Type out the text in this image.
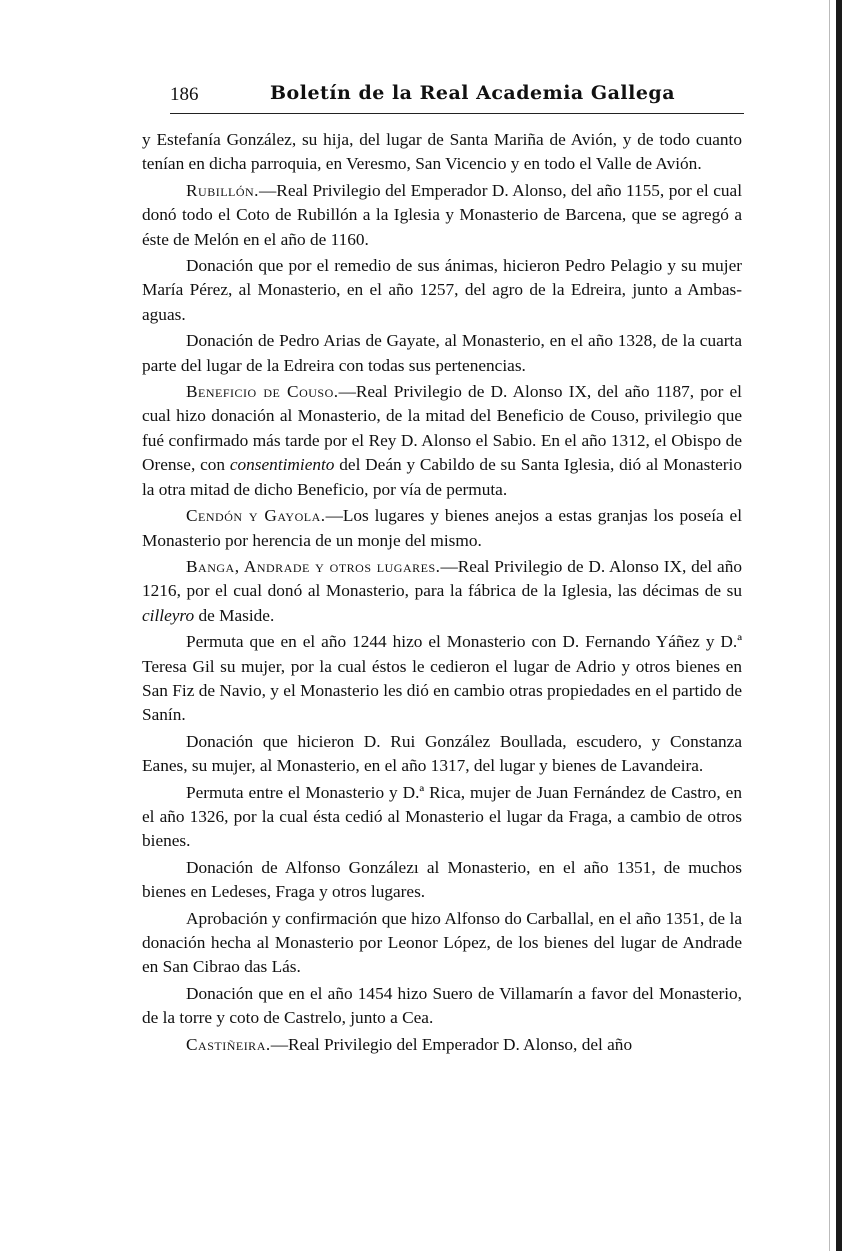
186	Boletín de la Real Academia Gallega

y Estefanía González, su hija, del lugar de Santa Mariña de Avión, y de todo cuanto tenían en dicha parroquia, en Veresmo, San Vicencio y en todo el Valle de Avión.

Rubillón.—Real Privilegio del Emperador D. Alonso, del año 1155, por el cual donó todo el Coto de Rubillón a la Iglesia y Monasterio de Barcena, que se agregó a éste de Melón en el año de 1160.

Donación que por el remedio de sus ánimas, hicieron Pedro Pelagio y su mujer María Pérez, al Monasterio, en el año 1257, del agro de la Edreira, junto a Ambas-aguas.

Donación de Pedro Arias de Gayate, al Monasterio, en el año 1328, de la cuarta parte del lugar de la Edreira con todas sus pertenencias.

Beneficio de Couso.—Real Privilegio de D. Alonso IX, del año 1187, por el cual hizo donación al Monasterio, de la mitad del Beneficio de Couso, privilegio que fué confirmado más tarde por el Rey D. Alonso el Sabio. En el año 1312, el Obispo de Orense, con consentimiento del Deán y Cabildo de su Santa Iglesia, dió al Monasterio la otra mitad de dicho Beneficio, por vía de permuta.

Cendón y Gayola.—Los lugares y bienes anejos a estas granjas los poseía el Monasterio por herencia de un monje del mismo.

Banga, Andrade y otros lugares.—Real Privilegio de D. Alonso IX, del año 1216, por el cual donó al Monasterio, para la fábrica de la Iglesia, las décimas de su cilleyro de Maside.

Permuta que en el año 1244 hizo el Monasterio con D. Fernando Yáñez y D.ª Teresa Gil su mujer, por la cual éstos le cedieron el lugar de Adrio y otros bienes en San Fiz de Navio, y el Monasterio les dió en cambio otras propiedades en el partido de Sanín.

Donación que hicieron D. Rui González Boullada, escudero, y Constanza Eanes, su mujer, al Monasterio, en el año 1317, del lugar y bienes de Lavandeira.

Permuta entre el Monasterio y D.ª Rica, mujer de Juan Fernández de Castro, en el año 1326, por la cual ésta cedió al Monasterio el lugar da Fraga, a cambio de otros bienes.

Donación de Alfonso Gonzálezı al Monasterio, en el año 1351, de muchos bienes en Ledeses, Fraga y otros lugares.

Aprobación y confirmación que hizo Alfonso do Carballal, en el año 1351, de la donación hecha al Monasterio por Leonor López, de los bienes del lugar de Andrade en San Cibrao das Lás.

Donación que en el año 1454 hizo Suero de Villamarín a favor del Monasterio, de la torre y coto de Castrelo, junto a Cea.

Castiñeira.—Real Privilegio del Emperador D. Alonso, del año
